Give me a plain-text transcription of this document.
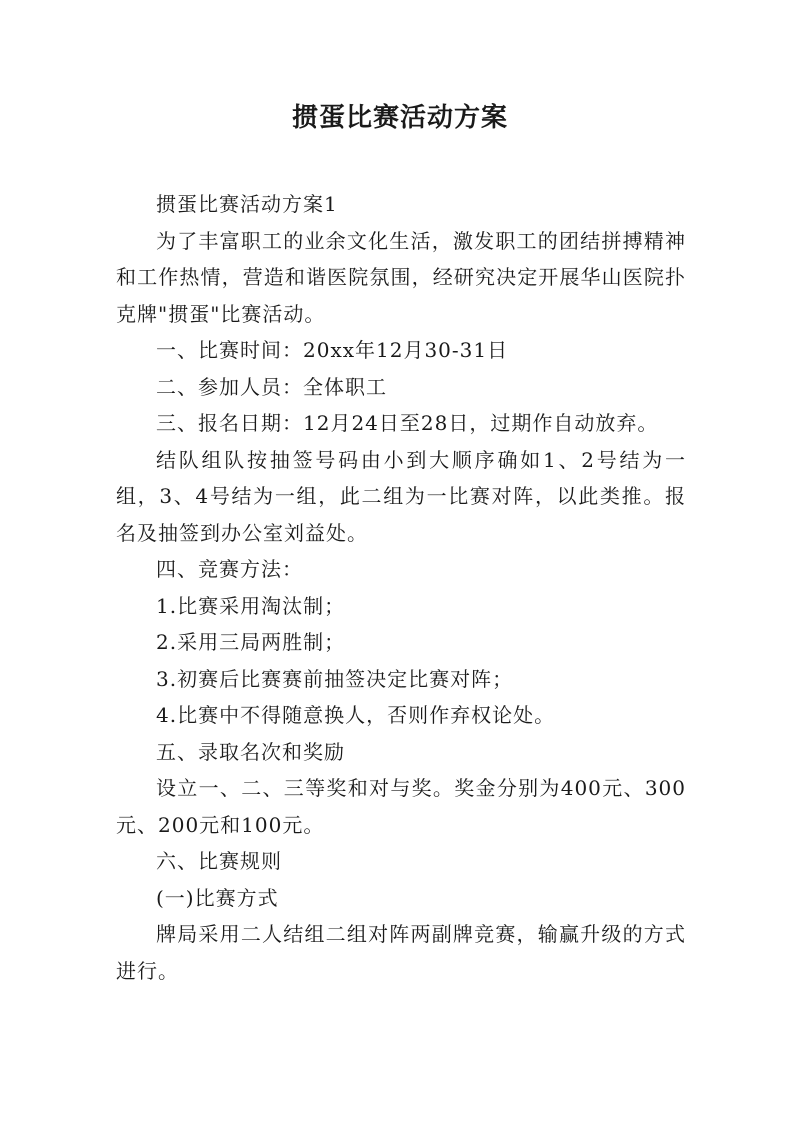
掼蛋比赛活动方案

掼蛋比赛活动方案1

为了丰富职工的业余文化生活，激发职工的团结拼搏精神和工作热情，营造和谐医院氛围，经研究决定开展华山医院扑克牌"掼蛋"比赛活动。

一、比赛时间：20xx年12月30-31日

二、参加人员：全体职工

三、报名日期：12月24日至28日，过期作自动放弃。

结队组队按抽签号码由小到大顺序确如1、2号结为一组，3、4号结为一组，此二组为一比赛对阵，以此类推。报名及抽签到办公室刘益处。

四、竞赛方法：

1.比赛采用淘汰制；

2.采用三局两胜制；

3.初赛后比赛赛前抽签决定比赛对阵；

4.比赛中不得随意换人，否则作弃权论处。

五、录取名次和奖励

设立一、二、三等奖和对与奖。奖金分别为400元、300元、200元和100元。

六、比赛规则

(一)比赛方式

牌局采用二人结组二组对阵两副牌竞赛，输赢升级的方式进行。
